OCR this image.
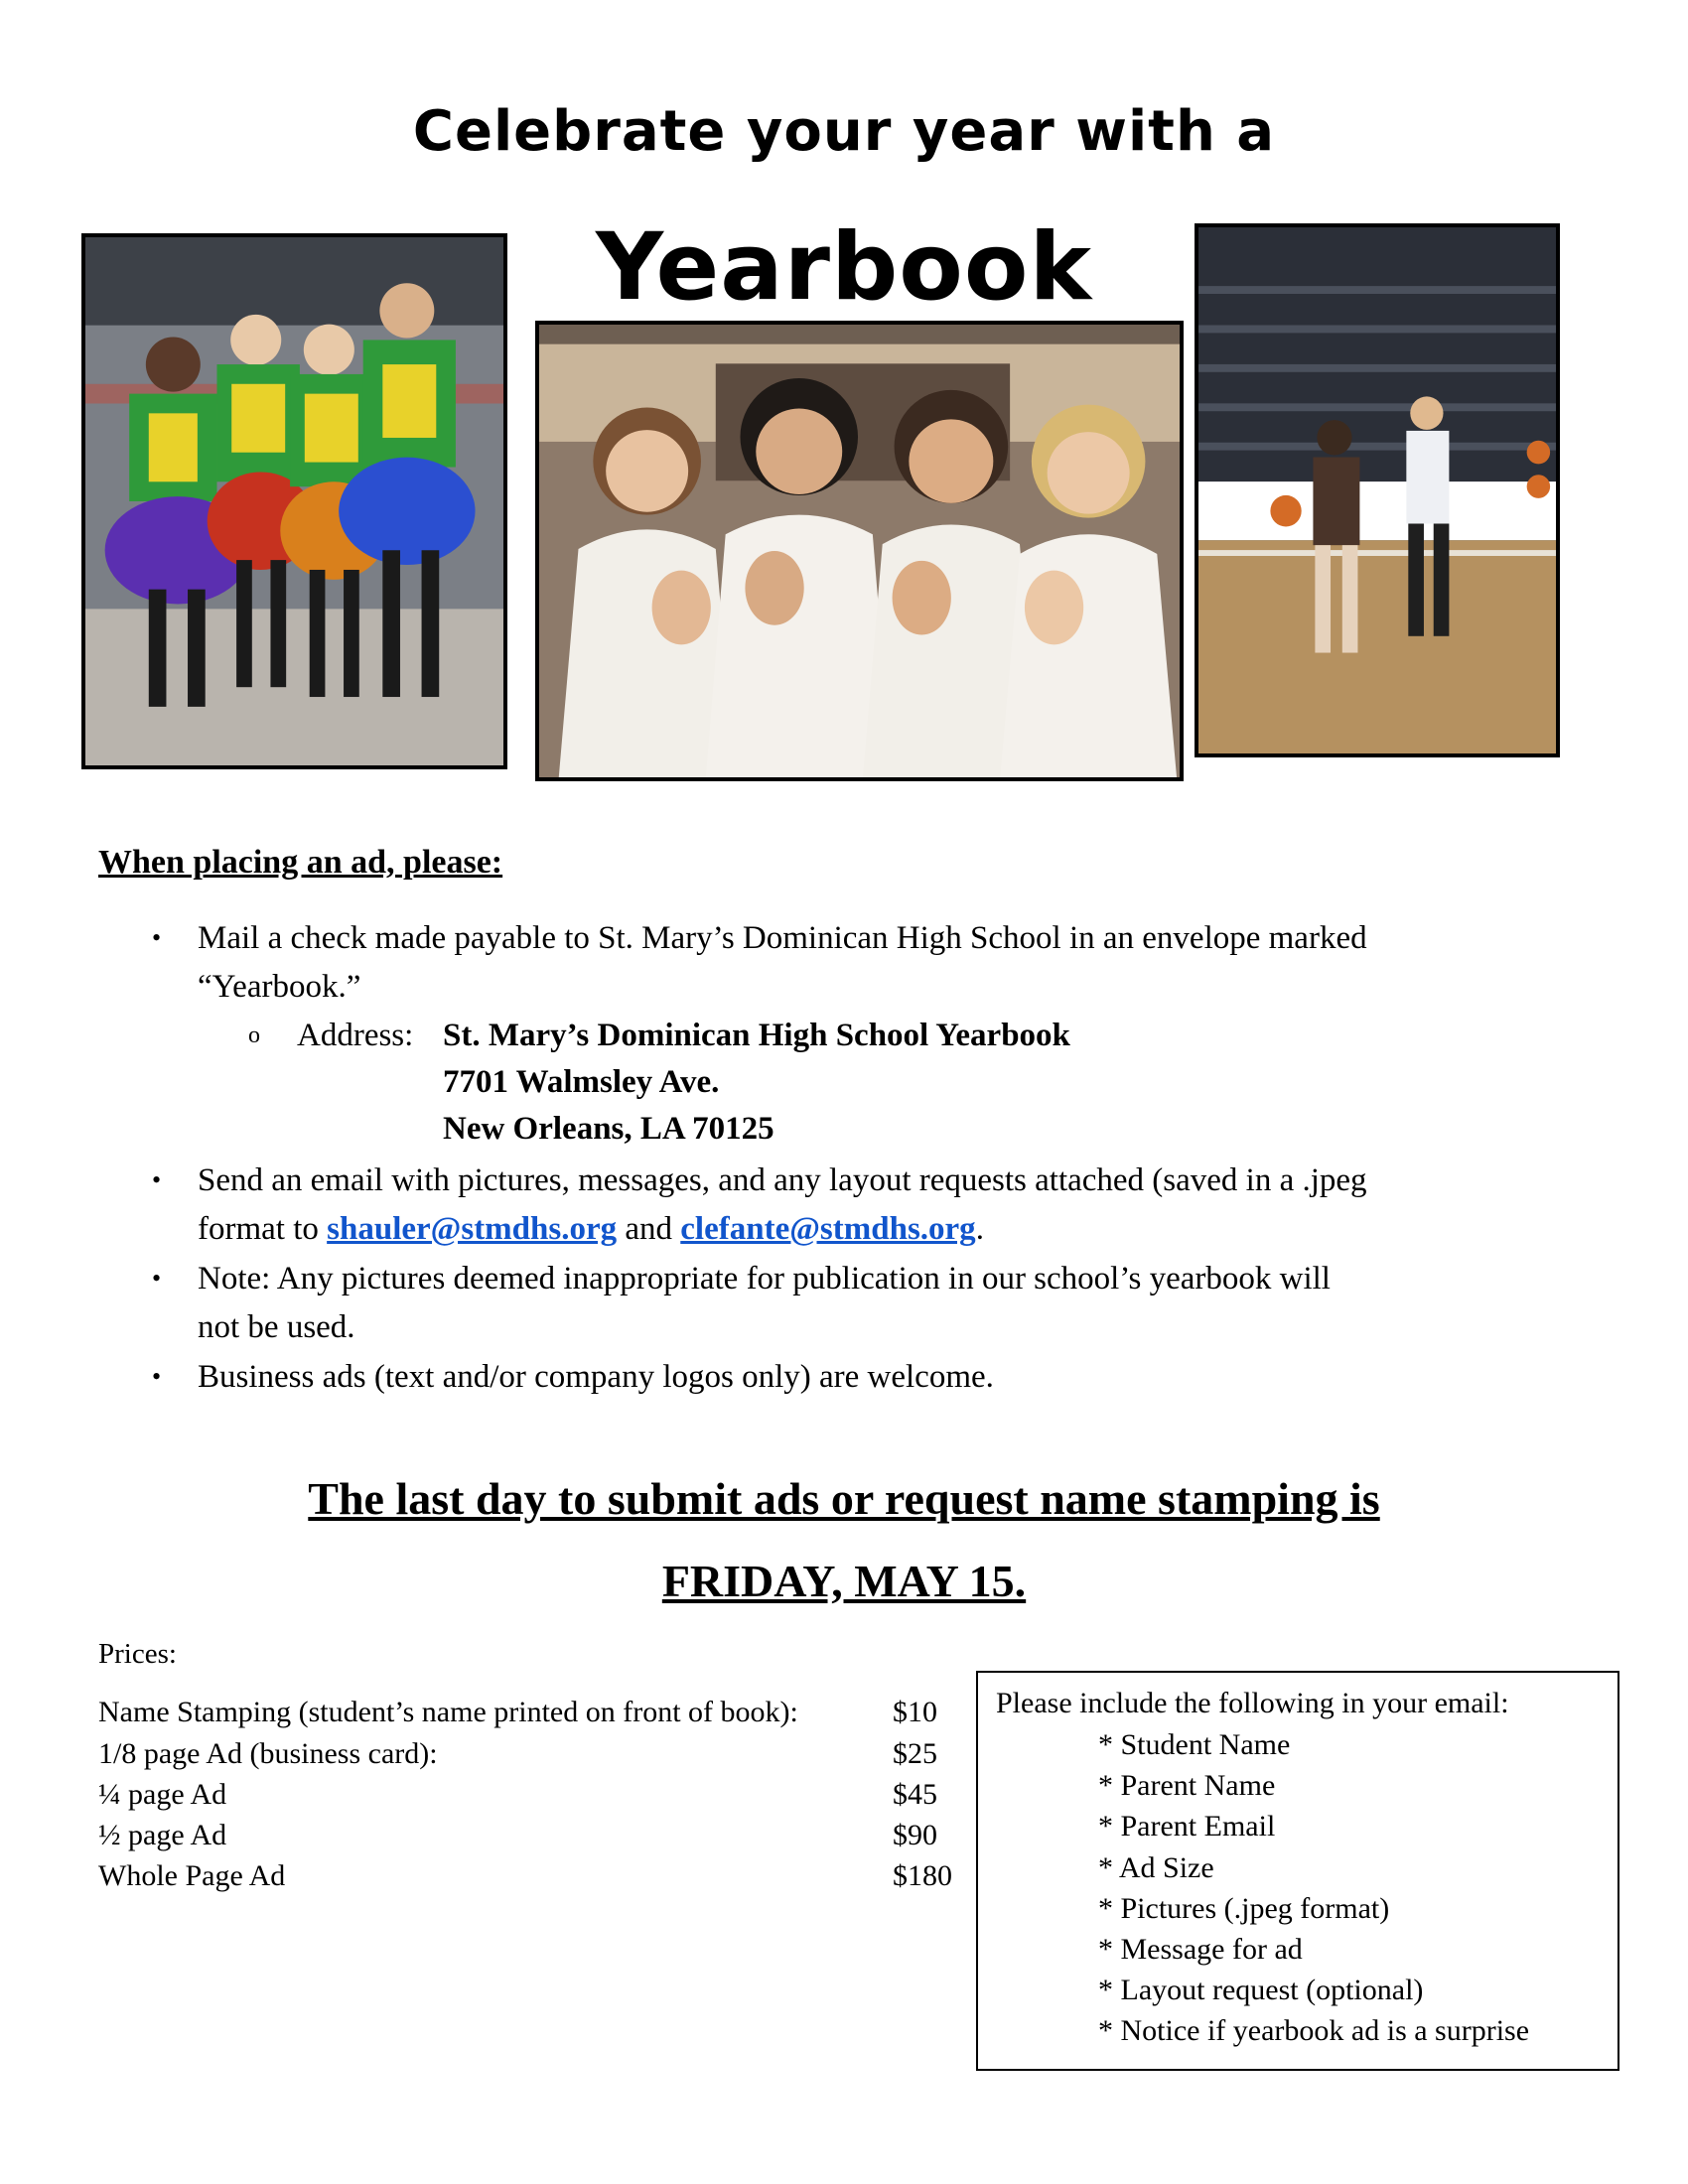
Celebrate your year with a
Yearbook
When placing an ad, please:
• Mail a check made payable to St. Mary’s Dominican High School in an envelope marked
“Yearbook.”
o Address: St. Mary’s Dominican High School Yearbook
7701 Walmsley Ave.
New Orleans, LA 70125
• Send an email with pictures, messages, and any layout requests attached (saved in a .jpeg
format to shauler@stmdhs.org and clefante@stmdhs.org.
• Note: Any pictures deemed inappropriate for publication in our school’s yearbook will
not be used.
• Business ads (text and/or company logos only) are welcome.
The last day to submit ads or request name stamping is
FRIDAY, MAY 15.
Prices:
Name Stamping (student’s name printed on front of book):	$10
1/8 page Ad (business card):	$25
¼ page Ad	$45
½ page Ad	$90
Whole Page Ad	$180
Please include the following in your email:
* Student Name
* Parent Name
* Parent Email
* Ad Size
* Pictures (.jpeg format)
* Message for ad
* Layout request (optional)
* Notice if yearbook ad is a surprise
